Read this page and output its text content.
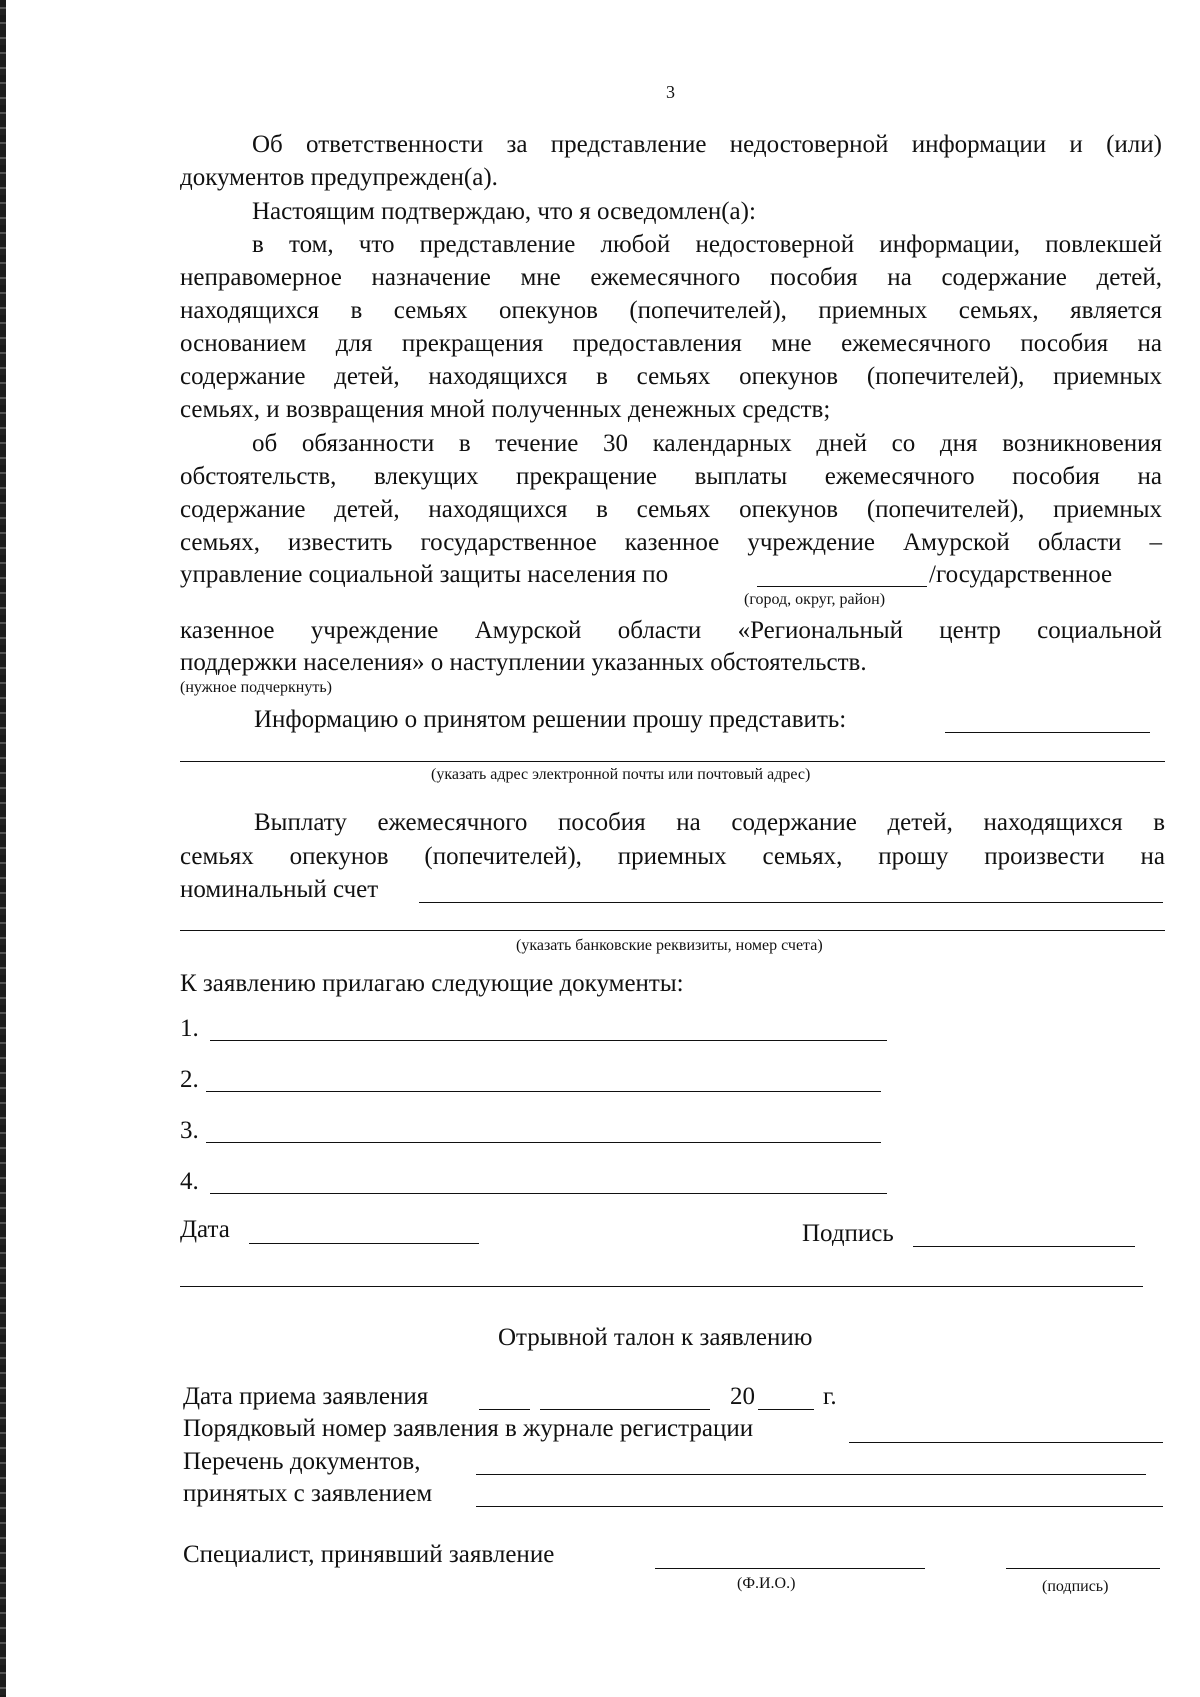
3
Об ответственности за представление недостоверной информации и (или)
документов предупрежден(а).
Настоящим подтверждаю, что я осведомлен(а):
в том, что представление любой недостоверной информации, повлекшей
неправомерное назначение мне ежемесячного пособия на содержание детей,
находящихся в семьях опекунов (попечителей), приемных семьях, является
основанием для прекращения предоставления мне ежемесячного пособия на
содержание детей, находящихся в семьях опекунов (попечителей), приемных
семьях, и возвращения мной полученных денежных средств;
об обязанности в течение 30 календарных дней со дня возникновения
обстоятельств, влекущих прекращение выплаты ежемесячного пособия на
содержание детей, находящихся в семьях опекунов (попечителей), приемных
семьях, известить государственное казенное учреждение Амурской области –
управление социальной защиты населения по	/государственное
(город, округ, район)
казенное учреждение Амурской области «Региональный центр социальной
поддержки населения» о наступлении указанных обстоятельств.
(нужное подчеркнуть)
Информацию о принятом решении прошу представить:
(указать адрес электронной почты или почтовый адрес)
Выплату ежемесячного пособия на содержание детей, находящихся в
семьях опекунов (попечителей), приемных семьях, прошу произвести на
номинальный счет
(указать банковские реквизиты, номер счета)
К заявлению прилагаю следующие документы:
1.
2.
3.
4.
Дата	Подпись
Отрывной талон к заявлению
Дата приема заявления	20	г.
Порядковый номер заявления в журнале регистрации
Перечень документов,
принятых с заявлением
Специалист, принявший заявление
(Ф.И.О.)	(подпись)
